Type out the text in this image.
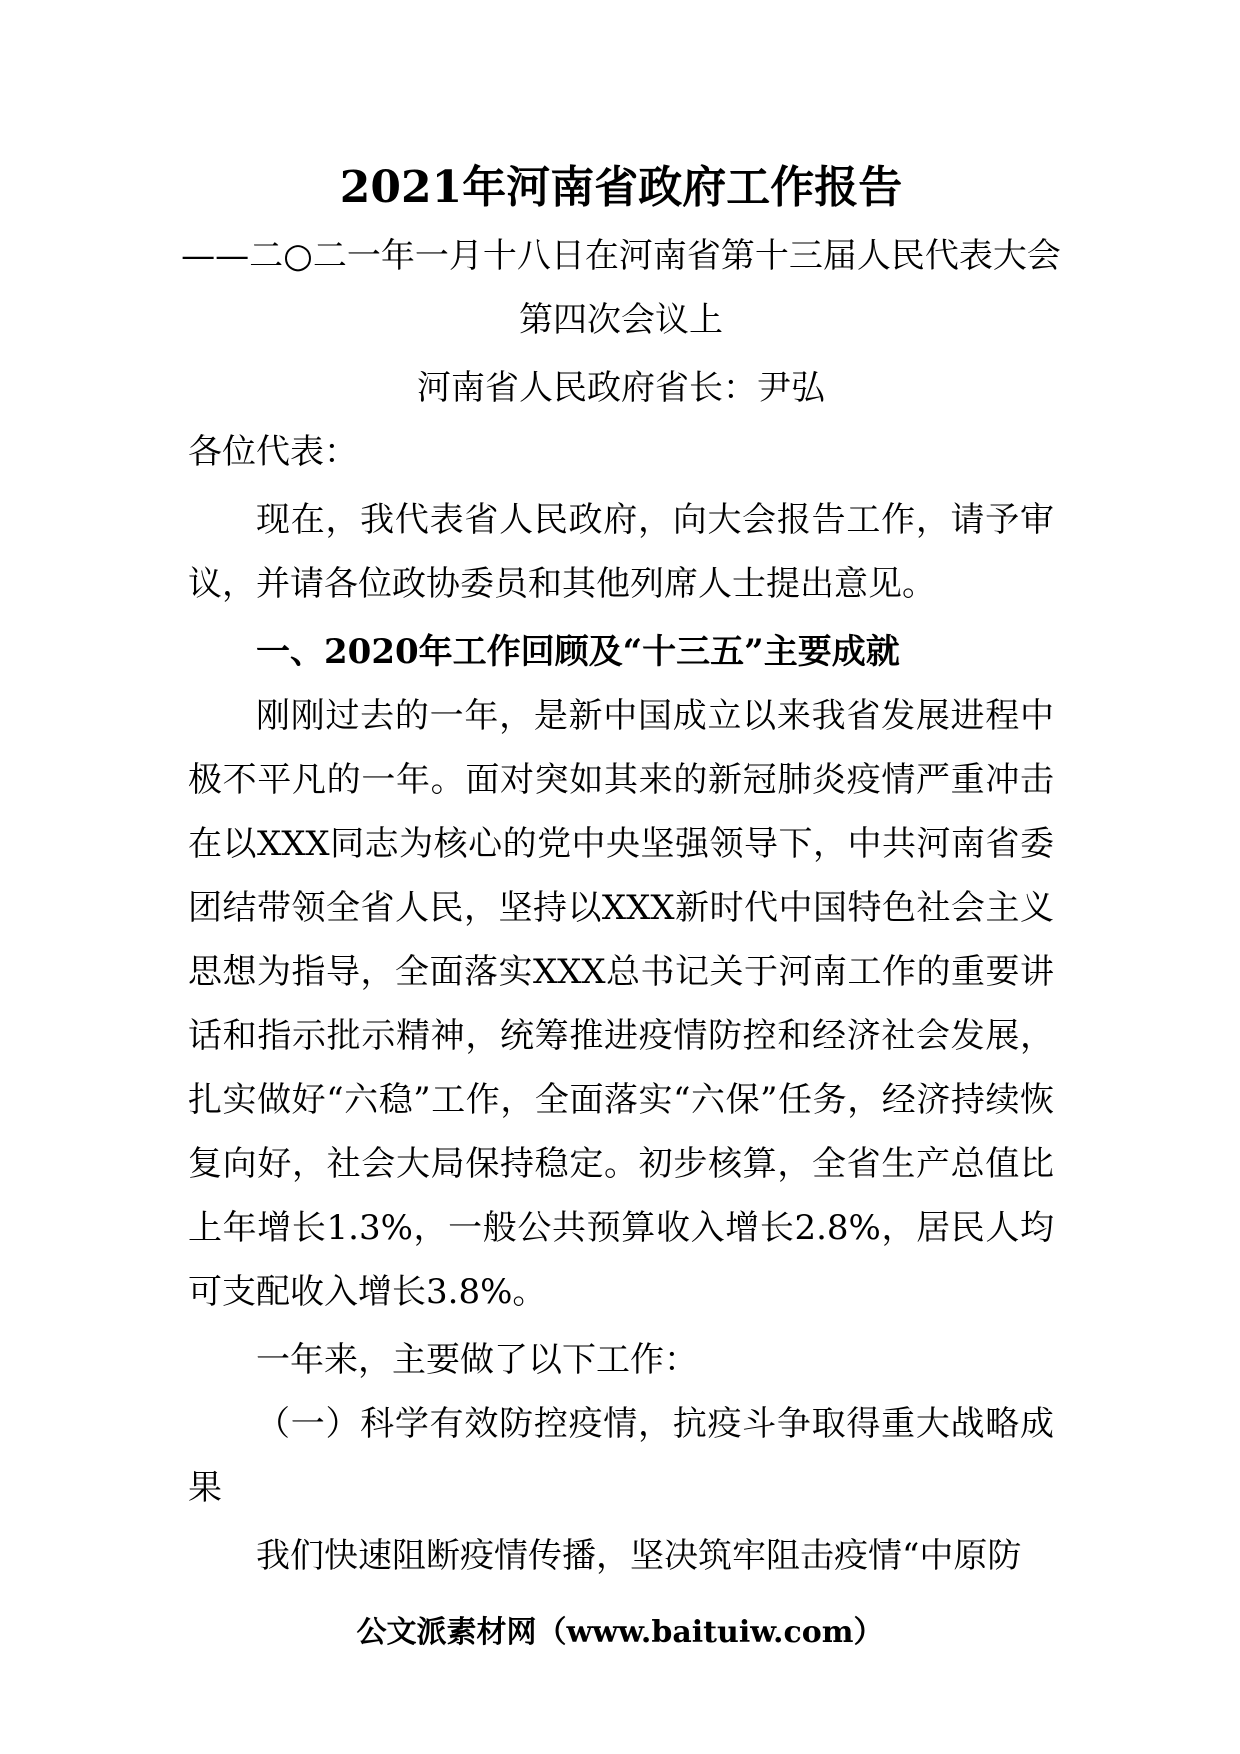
2021年河南省政府工作报告

——二○二一年一月十八日在河南省第十三届人民代表大会
第四次会议上

河南省人民政府省长：尹弘

各位代表：

现在，我代表省人民政府，向大会报告工作，请予审议，并请各位政协委员和其他列席人士提出意见。

一、2020年工作回顾及“十三五”主要成就

刚刚过去的一年，是新中国成立以来我省发展进程中极不平凡的一年。面对突如其来的新冠肺炎疫情严重冲击在以XXX同志为核心的党中央坚强领导下，中共河南省委团结带领全省人民，坚持以XXX新时代中国特色社会主义思想为指导，全面落实XXX总书记关于河南工作的重要讲话和指示批示精神，统筹推进疫情防控和经济社会发展，扎实做好“六稳”工作，全面落实“六保”任务，经济持续恢复向好，社会大局保持稳定。初步核算，全省生产总值比上年增长1.3%，一般公共预算收入增长2.8%，居民人均可支配收入增长3.8%。

一年来，主要做了以下工作：

（一）科学有效防控疫情，抗疫斗争取得重大战略成果

我们快速阻断疫情传播，坚决筑牢阻击疫情“中原防

公文派素材网（www.baituiw.com）
